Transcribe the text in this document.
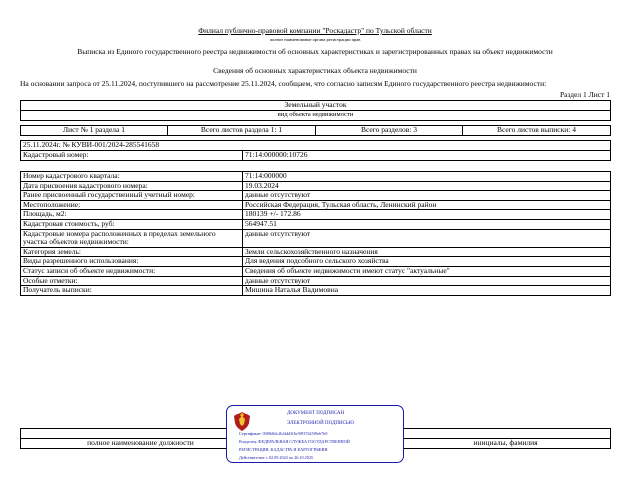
Филиал публично-правовой компании "Роскадастр" по Тульской области
полное наименование органа регистрации прав
Выписка из Единого государственного реестра недвижимости об основных характеристиках и зарегистрированных правах на объект недвижимости
Сведения об основных характеристиках объекта недвижимости
На основании запроса от 25.11.2024, поступившего на рассмотрение 25.11.2024, сообщаем, что согласно записям Единого государственного реестра недвижимости:
Раздел 1 Лист 1
Земельный участок
вид объекта недвижимости
Лист № 1 раздела 1	Всего листов раздела 1: 1	Всего разделов: 3	Всего листов выписки: 4
25.11.2024г. № КУВИ-001/2024-285541658
Кадастровый номер:	71:14:000000:10726
Номер кадастрового квартала:	71:14:000000
Дата присвоения кадастрового номера:	19.03.2024
Ранее присвоенный государственный учетный номер:	данные отсутствуют
Местоположение:	Российская Федерация, Тульская область, Ленинский район
Площадь, м2:	180139 +/- 172.86
Кадастровая стоимость, руб:	564947.51
Кадастровые номера расположенных в пределах земельного участка объектов недвижимости:	данные отсутствуют
Категория земель:	Земли сельскохозяйственного назначения
Виды разрешенного использования:	Для ведения подсобного сельского хозяйства
Статус записи об объекте недвижимости:	Сведения об объекте недвижимости имеют статус "актуальные"
Особые отметки:	данные отсутствуют
Получатель выписки:	Мишина Наталья Вадимовна

полное наименование должности		инициалы, фамилия
ДОКУМЕНТ ПОДПИСАН
ЭЛЕКТРОННОЙ ПОДПИСЬЮ
Сертификат: 00f0b8dc2bf4dd3f6c9f937d25f9eb7b9
Владелец: ФЕДЕРАЛЬНАЯ СЛУЖБА ГОСУДАРСТВЕННОЙ
РЕГИСТРАЦИИ, КАДАСТРА И КАРТОГРАФИИ
Действителен: с 02.09.2024 по 26.10.2025
